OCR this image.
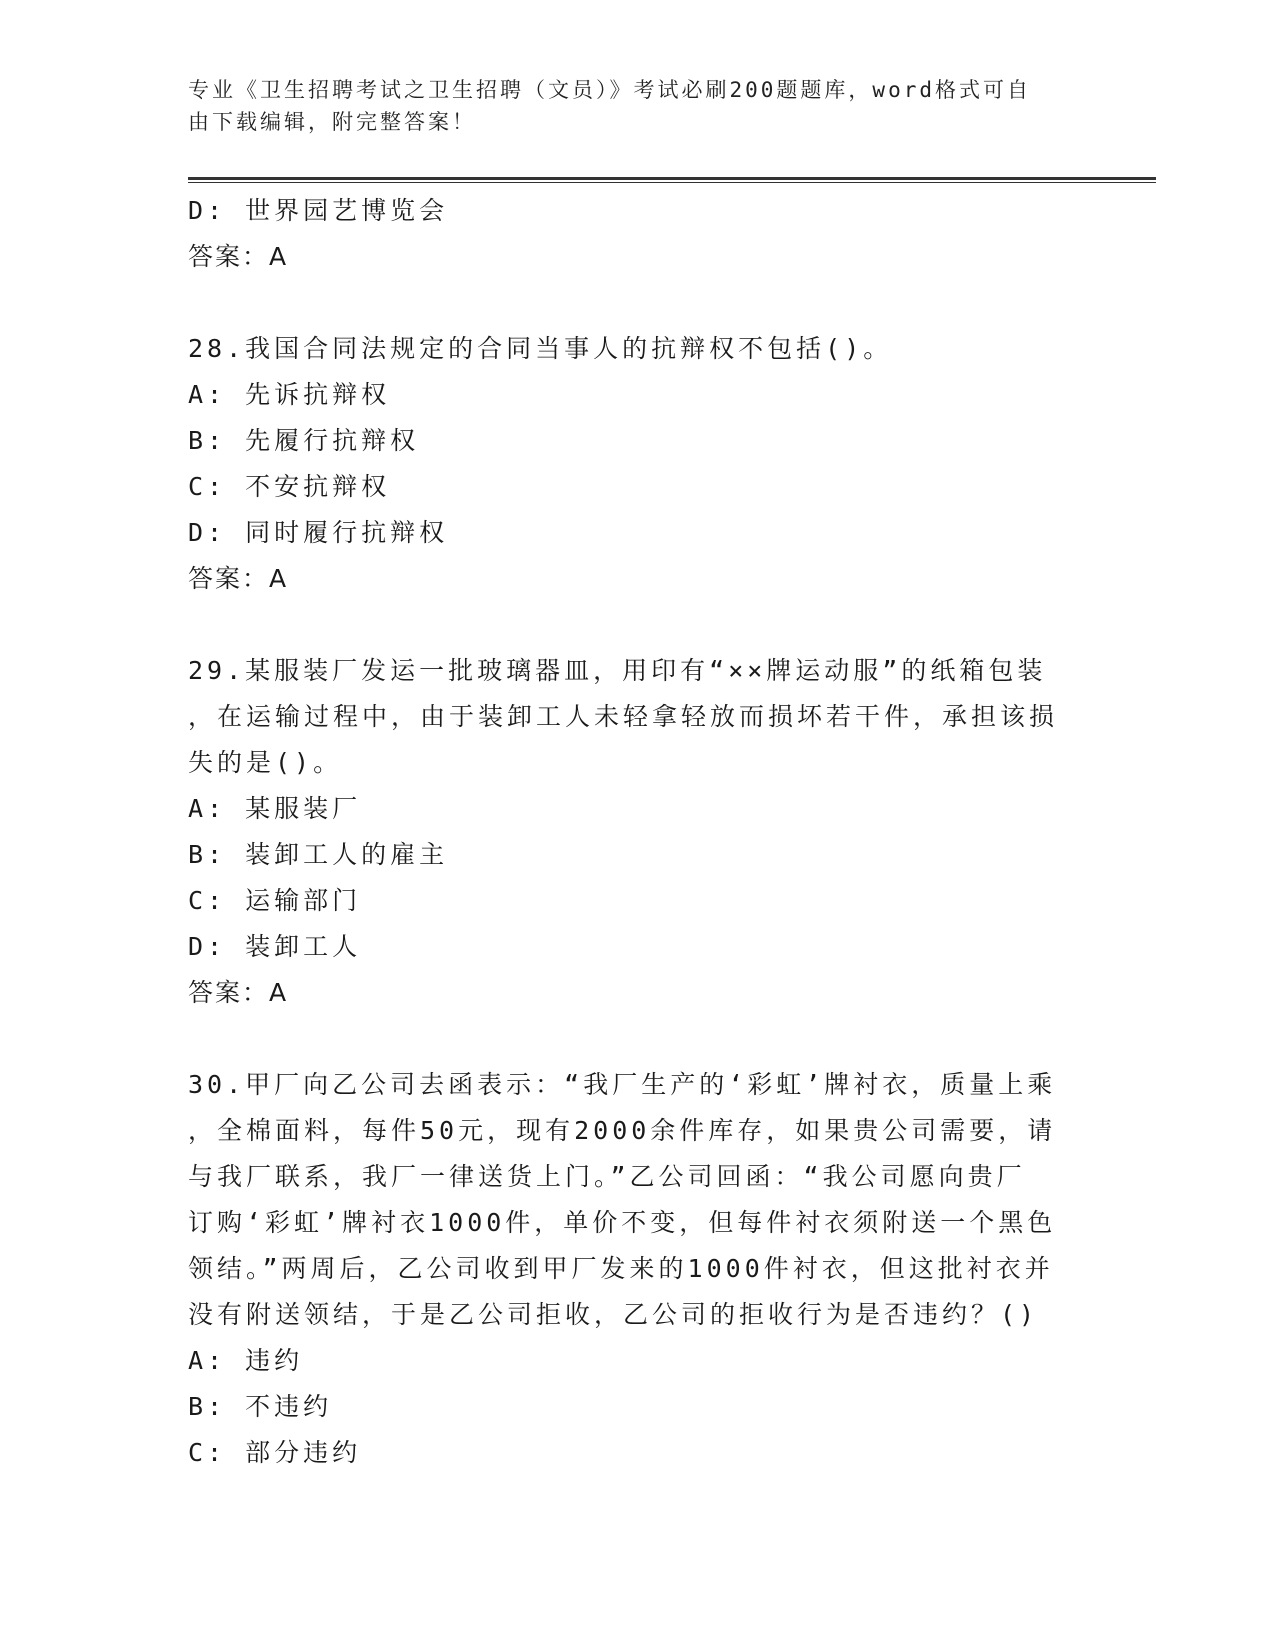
专业《卫生招聘考试之卫生招聘（文员）》考试必刷200题题库，word格式可自
由下载编辑，附完整答案！
D: 世界园艺博览会
答案：A
28.我国合同法规定的合同当事人的抗辩权不包括()。
A: 先诉抗辩权
B: 先履行抗辩权
C: 不安抗辩权
D: 同时履行抗辩权
答案：A
29.某服装厂发运一批玻璃器皿，用印有“××牌运动服”的纸箱包装
，在运输过程中，由于装卸工人未轻拿轻放而损坏若干件，承担该损
失的是()。
A: 某服装厂
B: 装卸工人的雇主
C: 运输部门
D: 装卸工人
答案：A
30.甲厂向乙公司去函表示：“我厂生产的‘彩虹’牌衬衣，质量上乘
，全棉面料，每件50元，现有2000余件库存，如果贵公司需要，请
与我厂联系，我厂一律送货上门。”乙公司回函：“我公司愿向贵厂
订购‘彩虹’牌衬衣1000件，单价不变，但每件衬衣须附送一个黑色
领结。”两周后，乙公司收到甲厂发来的1000件衬衣，但这批衬衣并
没有附送领结，于是乙公司拒收，乙公司的拒收行为是否违约？()
A: 违约
B: 不违约
C: 部分违约
